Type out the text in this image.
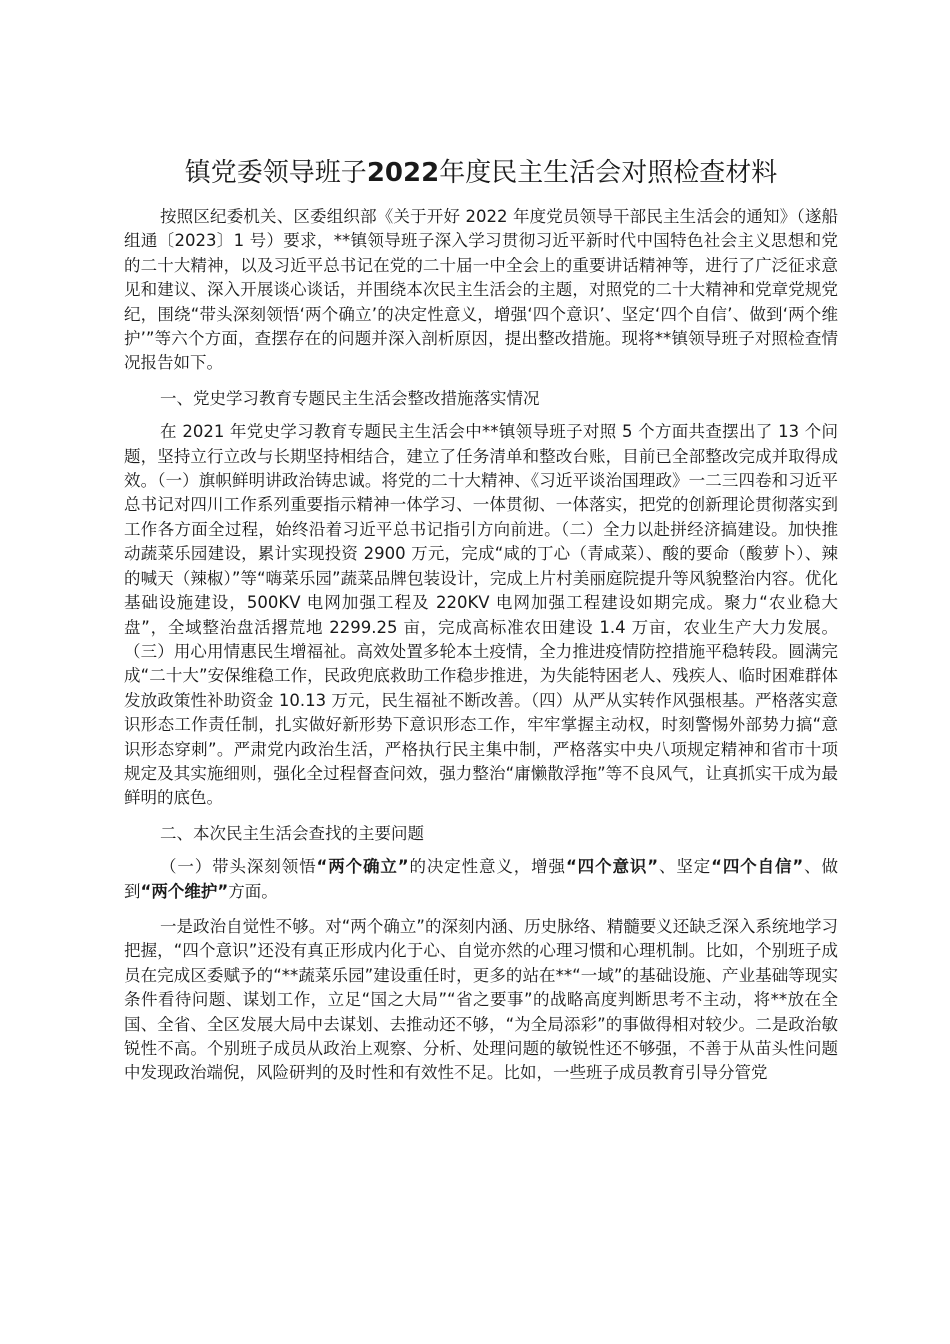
镇党委领导班子2022年度民主生活会对照检查材料

按照区纪委机关、区委组织部《关于开好 2022 年度党员领导干部民主生活会的通知》（遂船组通〔2023〕1 号）要求，**镇领导班子深入学习贯彻习近平新时代中国特色社会主义思想和党的二十大精神，以及习近平总书记在党的二十届一中全会上的重要讲话精神等，进行了广泛征求意见和建议、深入开展谈心谈话，并围绕本次民主生活会的主题，对照党的二十大精神和党章党规党纪，围绕“带头深刻领悟‘两个确立’的决定性意义，增强‘四个意识’、坚定‘四个自信’、做到‘两个维护’”等六个方面，查摆存在的问题并深入剖析原因，提出整改措施。现将**镇领导班子对照检查情况报告如下。

一、党史学习教育专题民主生活会整改措施落实情况

在 2021 年党史学习教育专题民主生活会中**镇领导班子对照 5 个方面共查摆出了 13 个问题，坚持立行立改与长期坚持相结合，建立了任务清单和整改台账，目前已全部整改完成并取得成效。（一）旗帜鲜明讲政治铸忠诚。将党的二十大精神、《习近平谈治国理政》一二三四卷和习近平总书记对四川工作系列重要指示精神一体学习、一体贯彻、一体落实，把党的创新理论贯彻落实到工作各方面全过程，始终沿着习近平总书记指引方向前进。（二）全力以赴拼经济搞建设。加快推动蔬菜乐园建设，累计实现投资 2900 万元，完成“咸的丁心（青咸菜）、酸的要命（酸萝卜）、辣的喊天（辣椒）”等“嗨菜乐园”蔬菜品牌包装设计，完成上片村美丽庭院提升等风貌整治内容。优化基础设施建设，500KV 电网加强工程及 220KV 电网加强工程建设如期完成。聚力“农业稳大盘”，全域整治盘活撂荒地 2299.25 亩，完成高标准农田建设 1.4 万亩，农业生产大力发展。（三）用心用情惠民生增福祉。高效处置多轮本土疫情，全力推进疫情防控措施平稳转段。圆满完成“二十大”安保维稳工作，民政兜底救助工作稳步推进，为失能特困老人、残疾人、临时困难群体发放政策性补助资金 10.13 万元，民生福祉不断改善。（四）从严从实转作风强根基。严格落实意识形态工作责任制，扎实做好新形势下意识形态工作，牢牢掌握主动权，时刻警惕外部势力搞“意识形态穿刺”。严肃党内政治生活，严格执行民主集中制，严格落实中央八项规定精神和省市十项规定及其实施细则，强化全过程督查问效，强力整治“庸懒散浮拖”等不良风气，让真抓实干成为最鲜明的底色。

二、本次民主生活会查找的主要问题

（一）带头深刻领悟“两个确立”的决定性意义，增强“四个意识”、坚定“四个自信”、做到“两个维护”方面。

一是政治自觉性不够。对“两个确立”的深刻内涵、历史脉络、精髓要义还缺乏深入系统地学习把握，“四个意识”还没有真正形成内化于心、自觉亦然的心理习惯和心理机制。比如，个别班子成员在完成区委赋予的“**蔬菜乐园”建设重任时，更多的站在**“一域”的基础设施、产业基础等现实条件看待问题、谋划工作，立足“国之大局”“省之要事”的战略高度判断思考不主动，将**放在全国、全省、全区发展大局中去谋划、去推动还不够，“为全局添彩”的事做得相对较少。二是政治敏锐性不高。个别班子成员从政治上观察、分析、处理问题的敏锐性还不够强，不善于从苗头性问题中发现政治端倪，风险研判的及时性和有效性不足。比如，一些班子成员教育引导分管党
